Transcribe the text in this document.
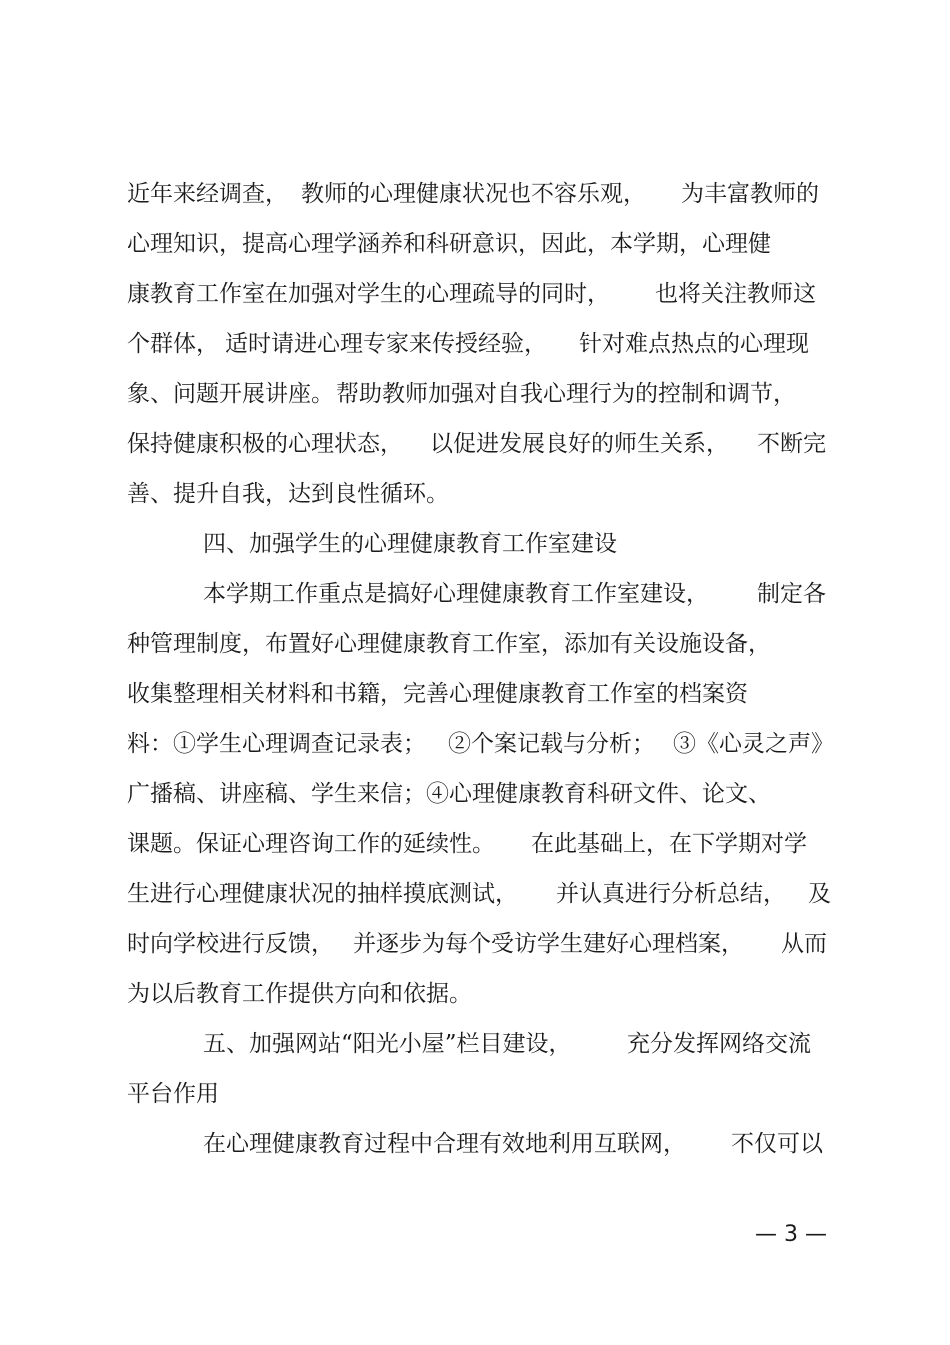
近年来经调查， 教师的心理健康状况也不容乐观， 为丰富教师的
心理知识，提高心理学涵养和科研意识，因此，本学期，心理健
康教育工作室在加强对学生的心理疏导的同时， 也将关注教师这
个群体， 适时请进心理专家来传授经验， 针对难点热点的心理现
象、问题开展讲座。 帮助教师加强对自我心理行为的控制和调节，
保持健康积极的心理状态， 以促进发展良好的师生关系， 不断完
善、提升自我，达到良性循环。
四、加强学生的心理健康教育工作室建设
本学期工作重点是搞好心理健康教育工作室建设， 制定各
种管理制度，布置好心理健康教育工作室，添加有关设施设备，
收集整理相关材料和书籍，完善心理健康教育工作室的档案资
料：①学生心理调查记录表； ②个案记载与分析； ③《心灵之声》
广播稿、讲座稿、学生来信；④心理健康教育科研文件、论文、
课题。保证心理咨询工作的延续性。 在此基础上，在下学期对学
生进行心理健康状况的抽样摸底测试， 并认真进行分析总结， 及
时向学校进行反馈， 并逐步为每个受访学生建好心理档案， 从而
为以后教育工作提供方向和依据。
五、加强网站“阳光小屋”栏目建设， 充分发挥网络交流
平台作用
在心理健康教育过程中合理有效地利用互联网， 不仅可以
— 3 —
